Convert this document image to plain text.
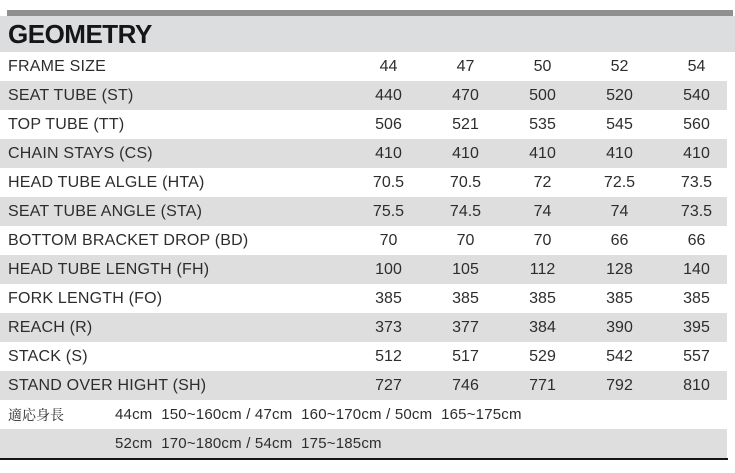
GEOMETRY
FRAME SIZE	44	47	50	52	54
SEAT TUBE (ST)	440	470	500	520	540
TOP TUBE (TT)	506	521	535	545	560
CHAIN STAYS (CS)	410	410	410	410	410
HEAD TUBE ALGLE (HTA)	70.5	70.5	72	72.5	73.5
SEAT TUBE ANGLE (STA)	75.5	74.5	74	74	73.5
BOTTOM BRACKET DROP (BD)	70	70	70	66	66
HEAD TUBE LENGTH (FH)	100	105	112	128	140
FORK LENGTH (FO)	385	385	385	385	385
REACH (R)	373	377	384	390	395
STACK (S)	512	517	529	542	557
STAND OVER HIGHT (SH)	727	746	771	792	810
適応身長	44cm  150~160cm / 47cm  160~170cm / 50cm  165~175cm
52cm  170~180cm / 54cm  175~185cm
